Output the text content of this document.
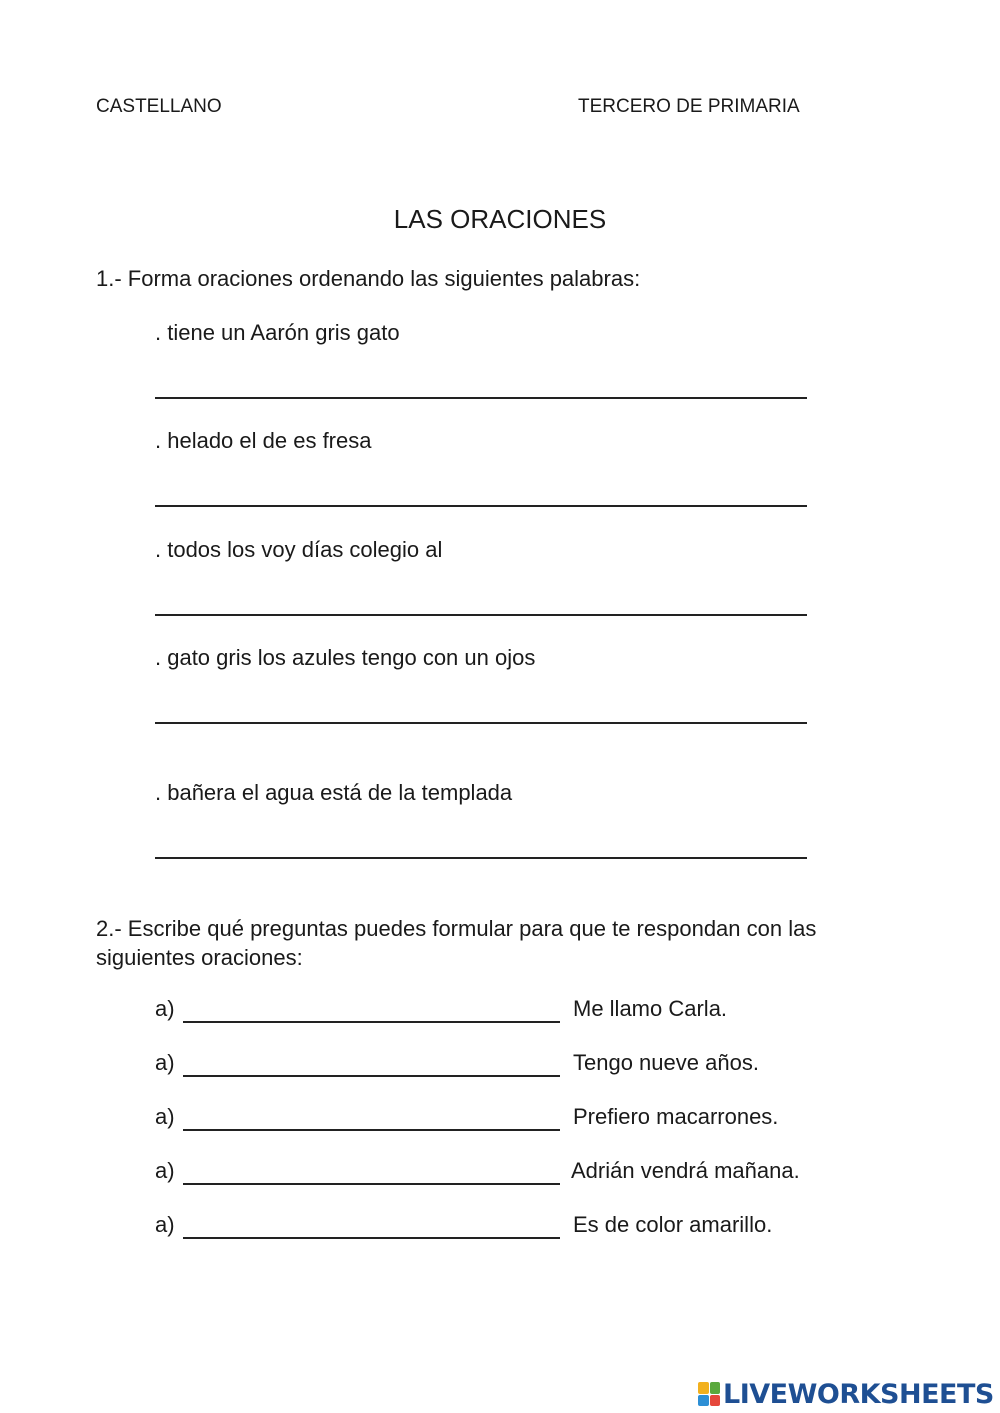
CASTELLANO	TERCERO DE PRIMARIA
LAS ORACIONES
1.- Forma oraciones ordenando las siguientes palabras:
. tiene un Aarón gris gato
. helado el de es fresa
. todos los voy días colegio al
. gato gris los azules tengo con un ojos
. bañera el agua está de la templada
2.- Escribe qué preguntas puedes formular para que te respondan con las siguientes oraciones:
a)	Me llamo Carla.
a)	Tengo nueve años.
a)	Prefiero macarrones.
a)	Adrián vendrá mañana.
a)	Es de color amarillo.
LIVEWORKSHEETS
